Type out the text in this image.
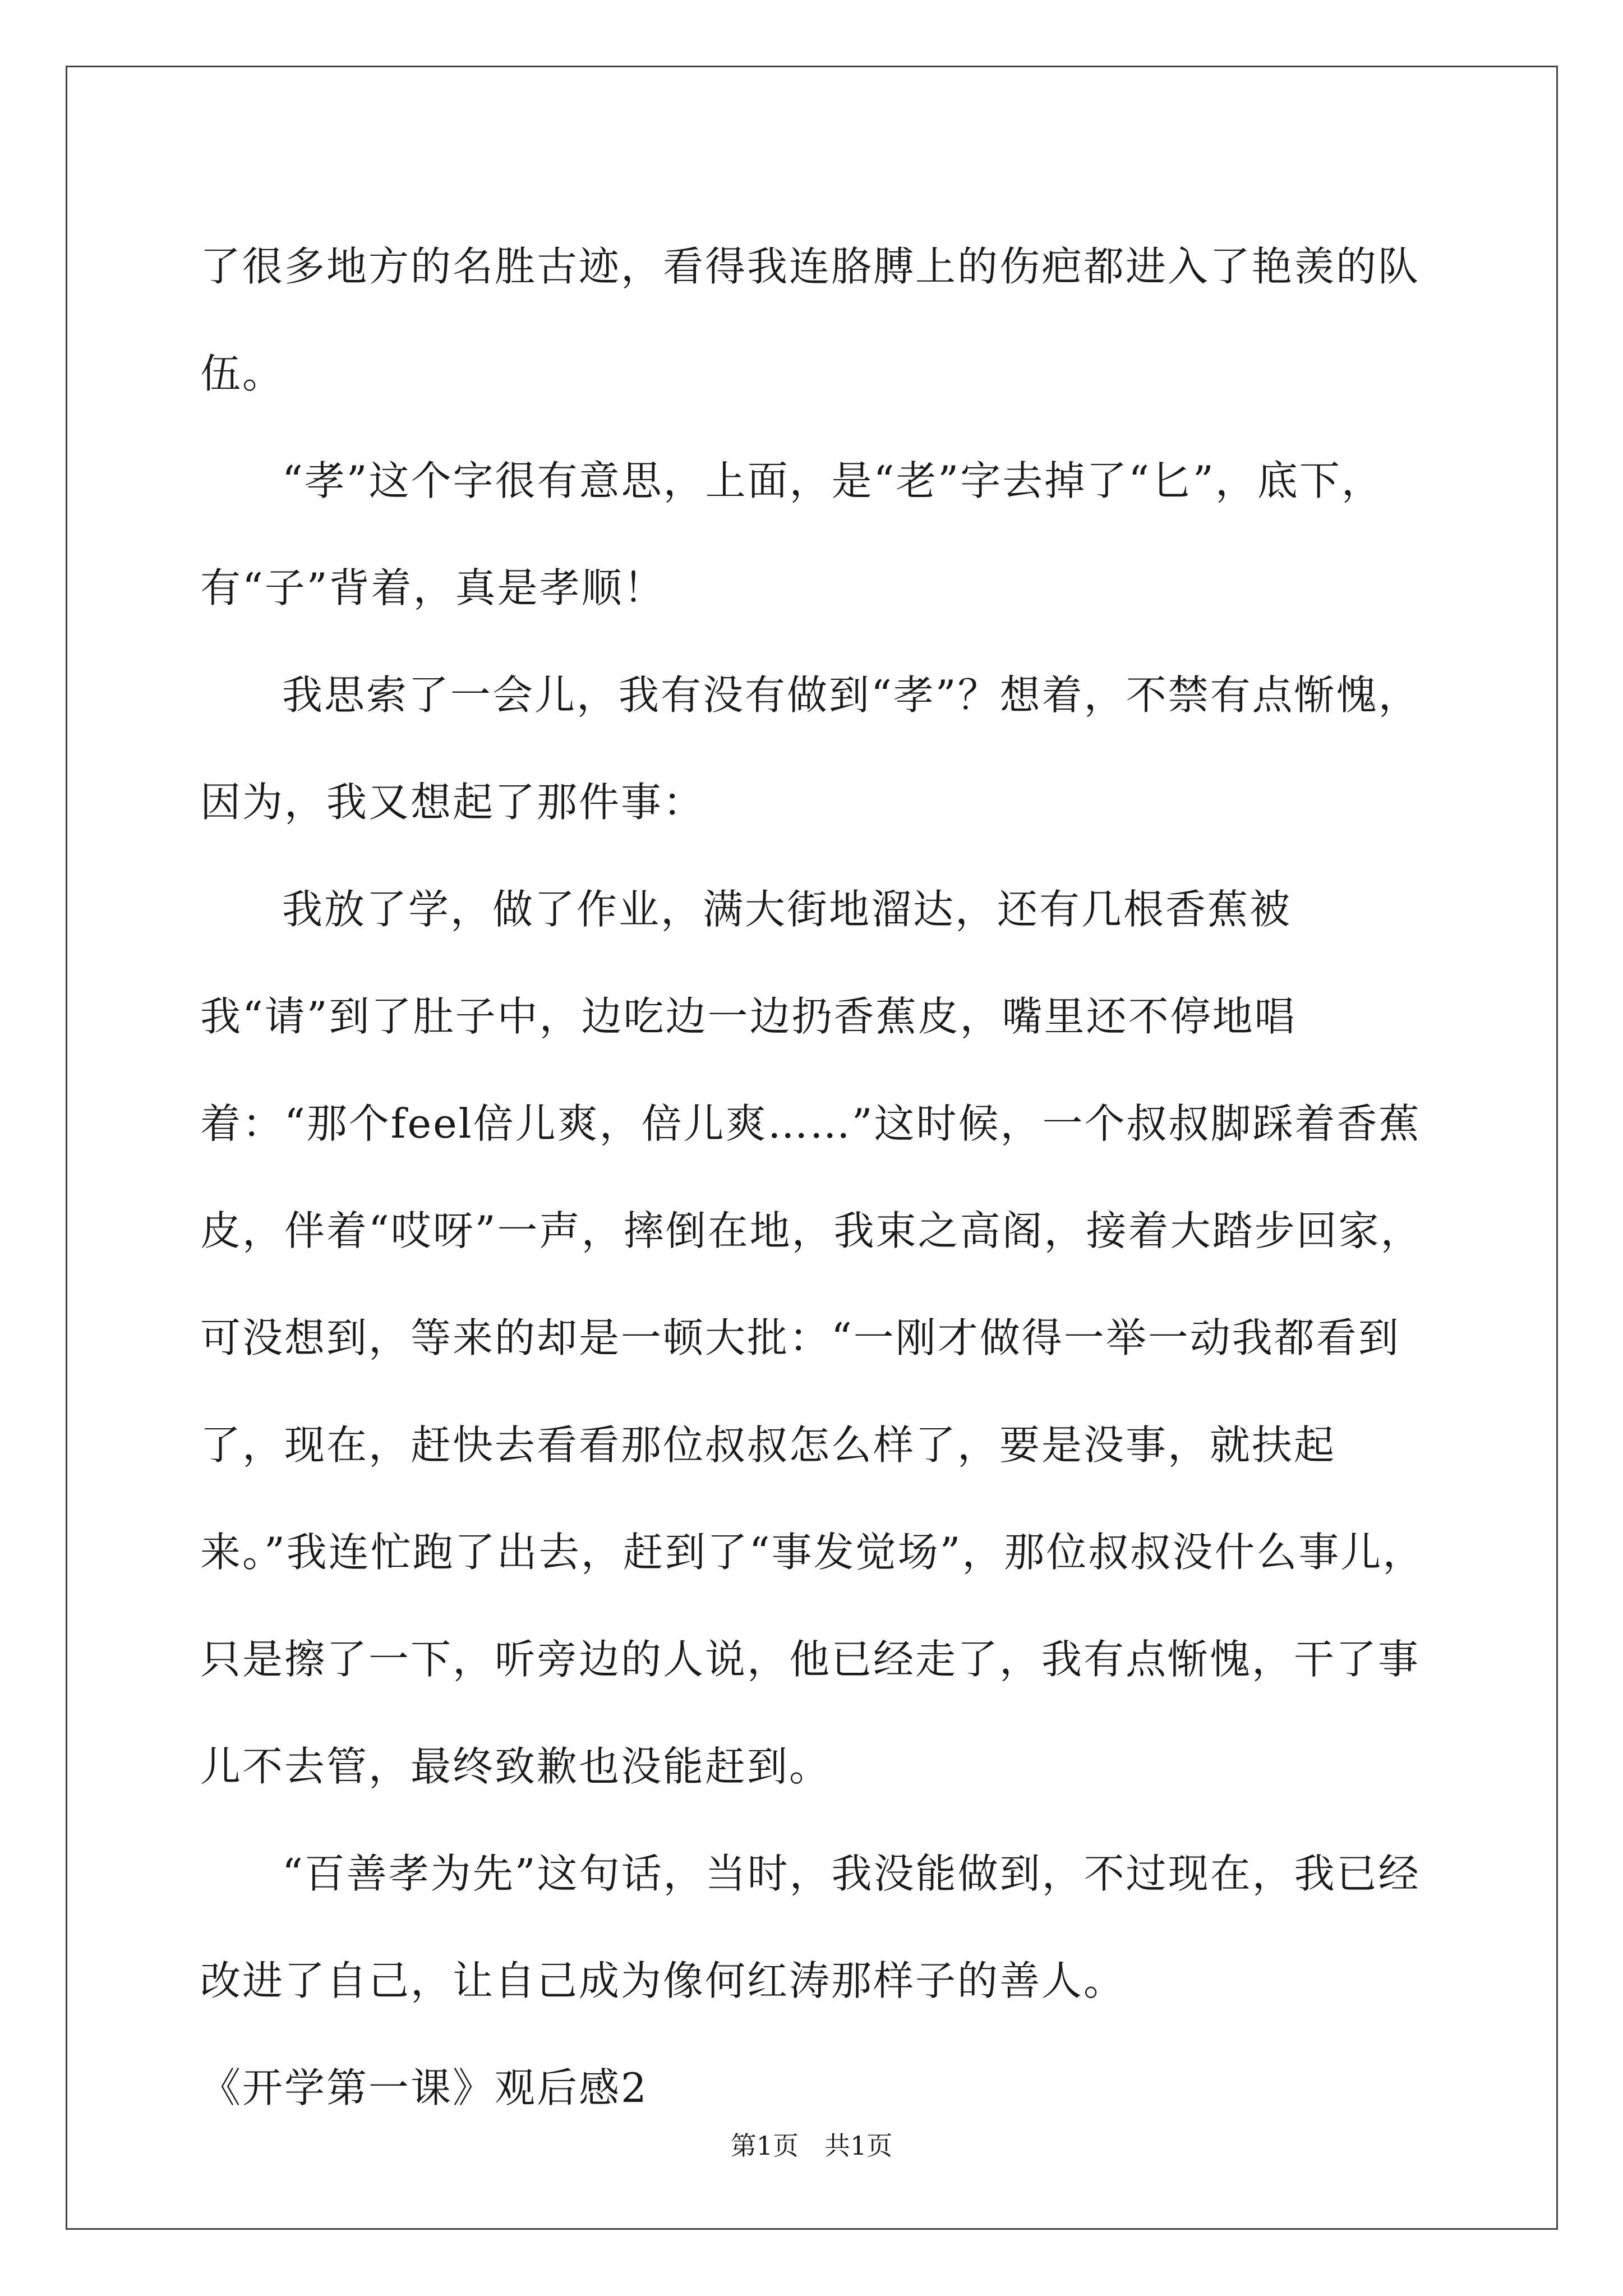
了很多地方的名胜古迹，看得我连胳膊上的伤疤都进入了艳羡的队伍。

“孝”这个字很有意思，上面，是“老”字去掉了“匕”，底下，有“子”背着，真是孝顺！

我思索了一会儿，我有没有做到“孝”？想着，不禁有点惭愧，因为，我又想起了那件事：

我放了学，做了作业，满大街地溜达，还有几根香蕉被我“请”到了肚子中，边吃边一边扔香蕉皮，嘴里还不停地唱着：“那个feel倍儿爽，倍儿爽……”这时候，一个叔叔脚踩着香蕉皮，伴着“哎呀”一声，摔倒在地，我束之高阁，接着大踏步回家，可没想到，等来的却是一顿大批：“一刚才做得一举一动我都看到了，现在，赶快去看看那位叔叔怎么样了，要是没事，就扶起来。”我连忙跑了出去，赶到了“事发觉场”，那位叔叔没什么事儿，只是擦了一下，听旁边的人说，他已经走了，我有点惭愧，干了事儿不去管，最终致歉也没能赶到。

“百善孝为先”这句话，当时，我没能做到，不过现在，我已经改进了自己，让自己成为像何红涛那样子的善人。

《开学第一课》观后感2

第1页　共1页
